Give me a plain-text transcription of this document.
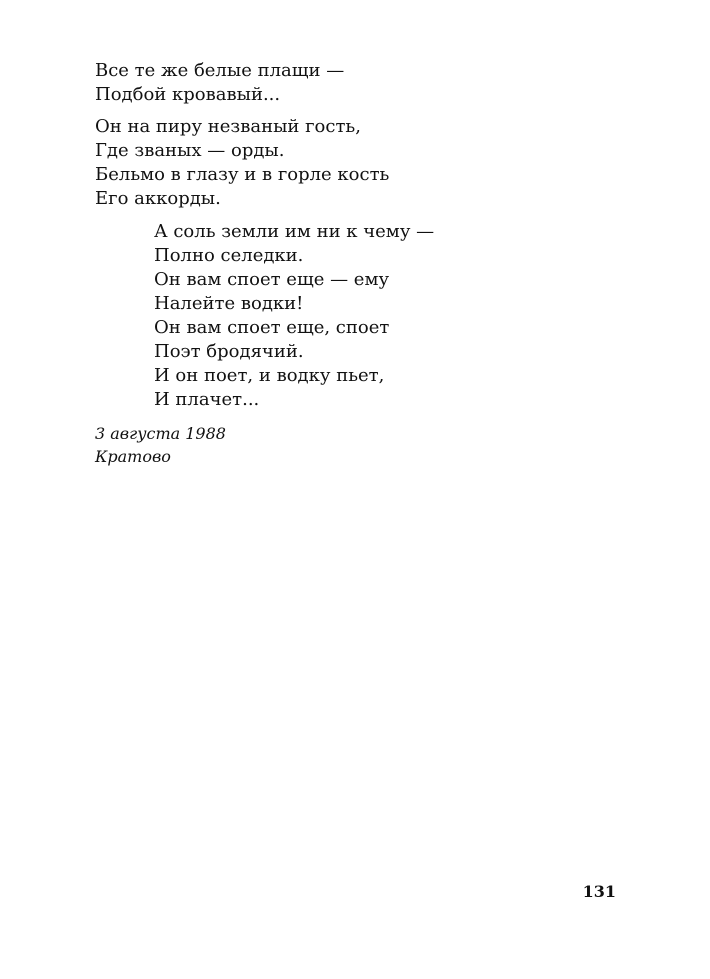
Все те же белые плащи —
Подбой кровавый...
Он на пиру незваный гость,
Где званых — орды.
Бельмо в глазу и в горле кость
Его аккорды.
А соль земли им ни к чему —
Полно селедки.
Он вам споет еще — ему
Налейте водки!
Он вам споет еще, споет
Поэт бродячий.
И он поет, и водку пьет,
И плачет...
3 августа 1988
Кратово
131
